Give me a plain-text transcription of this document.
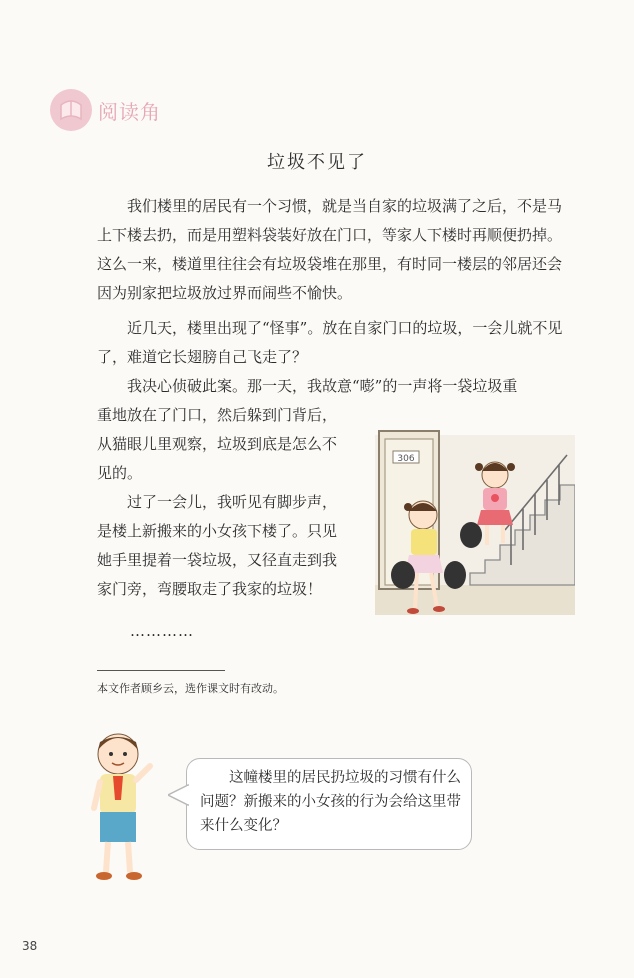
阅读角
垃圾不见了

我们楼里的居民有一个习惯，就是当自家的垃圾满了之后，不是马上下楼去扔，而是用塑料袋装好放在门口，等家人下楼时再顺便扔掉。这么一来，楼道里往往会有垃圾袋堆在那里，有时同一楼层的邻居还会因为别家把垃圾放过界而闹些不愉快。

近几天，楼里出现了“怪事”。放在自家门口的垃圾，一会儿就不见了，难道它长翅膀自己飞走了？

我决心侦破此案。那一天，我故意“嘭”的一声将一袋垃圾重

重地放在了门口，然后躲到门背后，从猫眼儿里观察，垃圾到底是怎么不见的。

过了一会儿，我听见有脚步声，是楼上新搬来的小女孩下楼了。只见她手里提着一袋垃圾，又径直走到我家门旁，弯腰取走了我家的垃圾！

…………
本文作者顾乡云，选作课文时有改动。
306

这幢楼里的居民扔垃圾的习惯有什么问题？新搬来的小女孩的行为会给这里带来什么变化？

38
